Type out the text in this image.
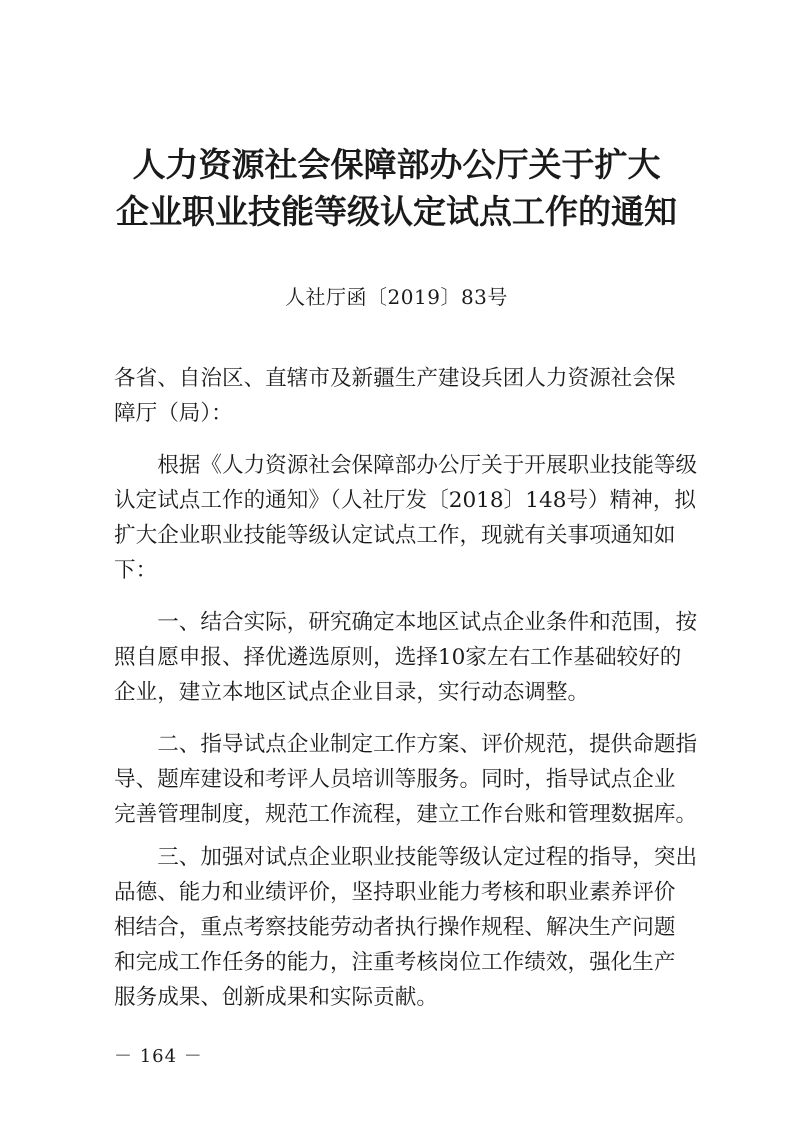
人力资源社会保障部办公厅关于扩大
企业职业技能等级认定试点工作的通知
人社厅函〔2019〕83号
各省、自治区、直辖市及新疆生产建设兵团人力资源社会保
障厅（局）：
　　根据《人力资源社会保障部办公厅关于开展职业技能等级
认定试点工作的通知》（人社厅发〔2018〕148号）精神，拟
扩大企业职业技能等级认定试点工作，现就有关事项通知如
下：
　　一、结合实际，研究确定本地区试点企业条件和范围，按
照自愿申报、择优遴选原则，选择10家左右工作基础较好的
企业，建立本地区试点企业目录，实行动态调整。
　　二、指导试点企业制定工作方案、评价规范，提供命题指
导、题库建设和考评人员培训等服务。同时，指导试点企业
完善管理制度，规范工作流程，建立工作台账和管理数据库。
　　三、加强对试点企业职业技能等级认定过程的指导，突出
品德、能力和业绩评价，坚持职业能力考核和职业素养评价
相结合，重点考察技能劳动者执行操作规程、解决生产问题
和完成工作任务的能力，注重考核岗位工作绩效，强化生产
服务成果、创新成果和实际贡献。
－ 164 －
